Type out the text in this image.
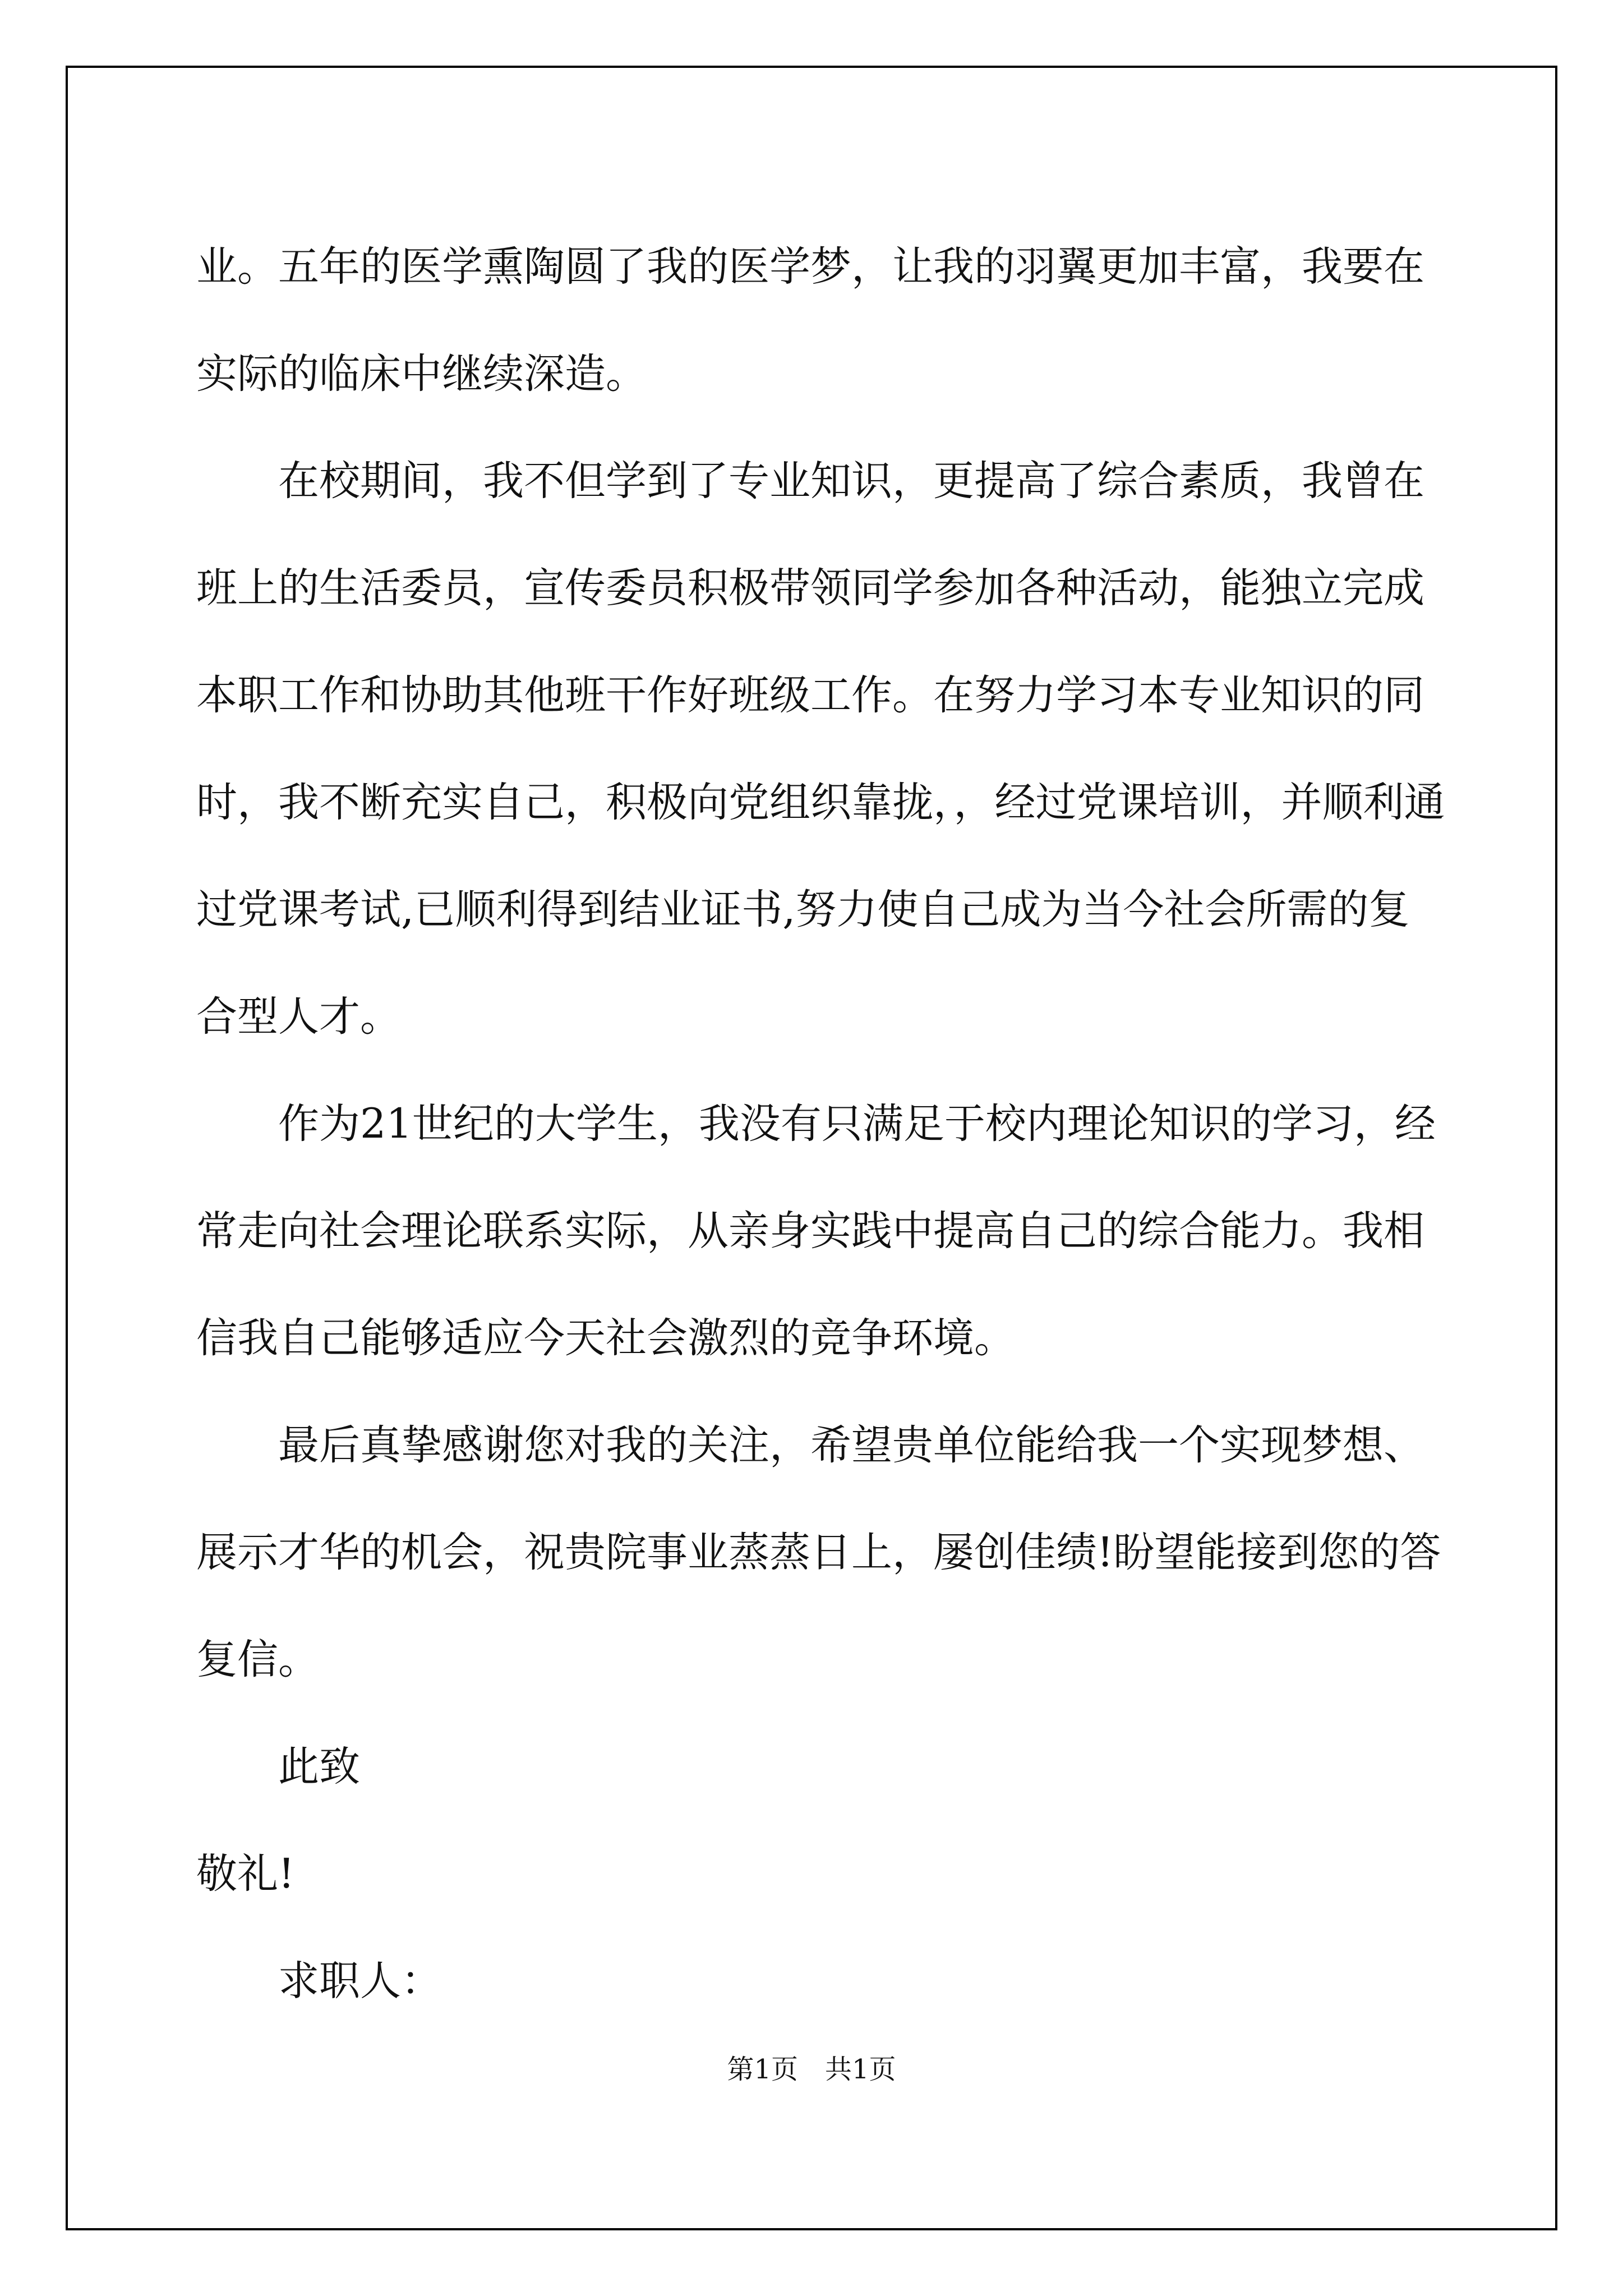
业。五年的医学熏陶圆了我的医学梦，让我的羽翼更加丰富，我要在
实际的临床中继续深造。

在校期间，我不但学到了专业知识，更提高了综合素质，我曾在
班上的生活委员，宣传委员积极带领同学参加各种活动，能独立完成
本职工作和协助其他班干作好班级工作。在努力学习本专业知识的同
时，我不断充实自己，积极向党组织靠拢，，经过党课培训，并顺利通
过党课考试,已顺利得到结业证书,努力使自己成为当今社会所需的复
合型人才。

作为21世纪的大学生，我没有只满足于校内理论知识的学习，经
常走向社会理论联系实际，从亲身实践中提高自己的综合能力。我相
信我自己能够适应今天社会激烈的竞争环境。

最后真挚感谢您对我的关注，希望贵单位能给我一个实现梦想、
展示才华的机会，祝贵院事业蒸蒸日上，屡创佳绩!盼望能接到您的答
复信。

此致

敬礼!

求职人：

第1页　共1页
